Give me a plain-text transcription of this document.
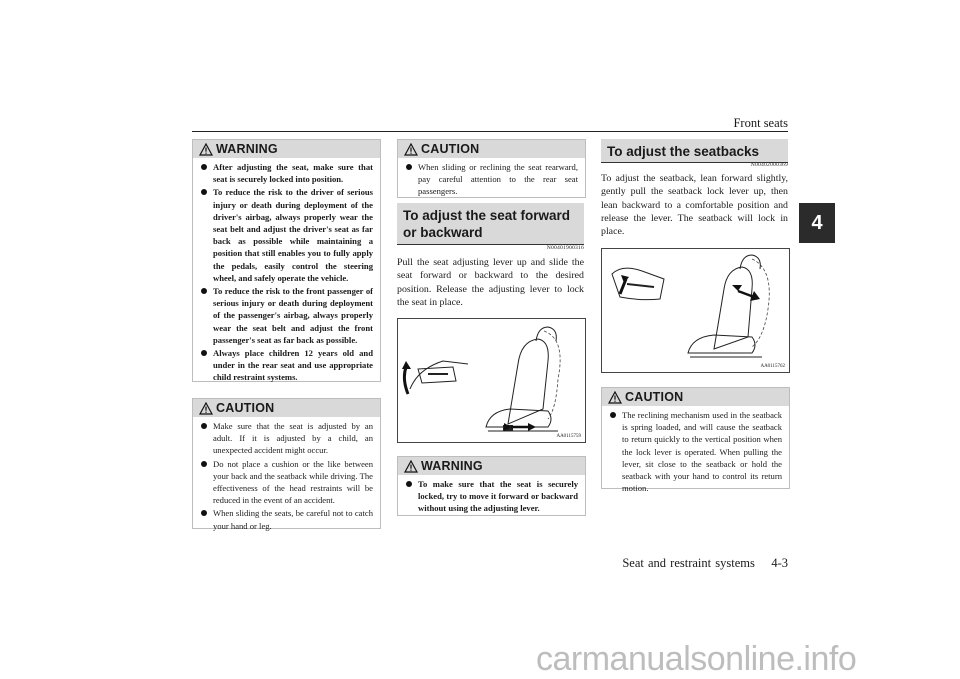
Front seats
4
WARNING
After adjusting the seat, make sure that seat is securely locked into position.
To reduce the risk to the driver of serious injury or death during deployment of the driver's airbag, always properly wear the seat belt and adjust the driver's seat as far back as possible while maintaining a position that still enables you to fully apply the pedals, easily control the steering wheel, and safely operate the vehicle.
To reduce the risk to the front passenger of serious injury or death during deployment of the passenger's airbag, always properly wear the seat belt and adjust the front passenger's seat as far back as possible.
Always place children 12 years old and under in the rear seat and use appropriate child restraint systems.
CAUTION
Make sure that the seat is adjusted by an adult. If it is adjusted by a child, an unexpected accident might occur.
Do not place a cushion or the like between your back and the seatback while driving. The effectiveness of the head restraints will be reduced in the event of an accident.
When sliding the seats, be careful not to catch your hand or leg.
CAUTION
When sliding or reclining the seat rearward, pay careful attention to the rear seat passengers.
To adjust the seat forward or backward
N00401900316
Pull the seat adjusting lever up and slide the seat forward or backward to the desired position. Release the adjusting lever to lock the seat in place.
AA0115759
WARNING
To make sure that the seat is securely locked, try to move it forward or backward without using the adjusting lever.
To adjust the seatbacks
N00402000369
To adjust the seatback, lean forward slightly, gently pull the seatback lock lever up, then lean backward to a comfortable position and release the lever. The seatback will lock in place.
AA0115762
CAUTION
The reclining mechanism used in the seatback is spring loaded, and will cause the seatback to return quickly to the vertical position when the lock lever is operated. When pulling the lever, sit close to the seatback or hold the seatback with your hand to control its return motion.
Seat and restraint systems    4-3
carmanualsonline.info
